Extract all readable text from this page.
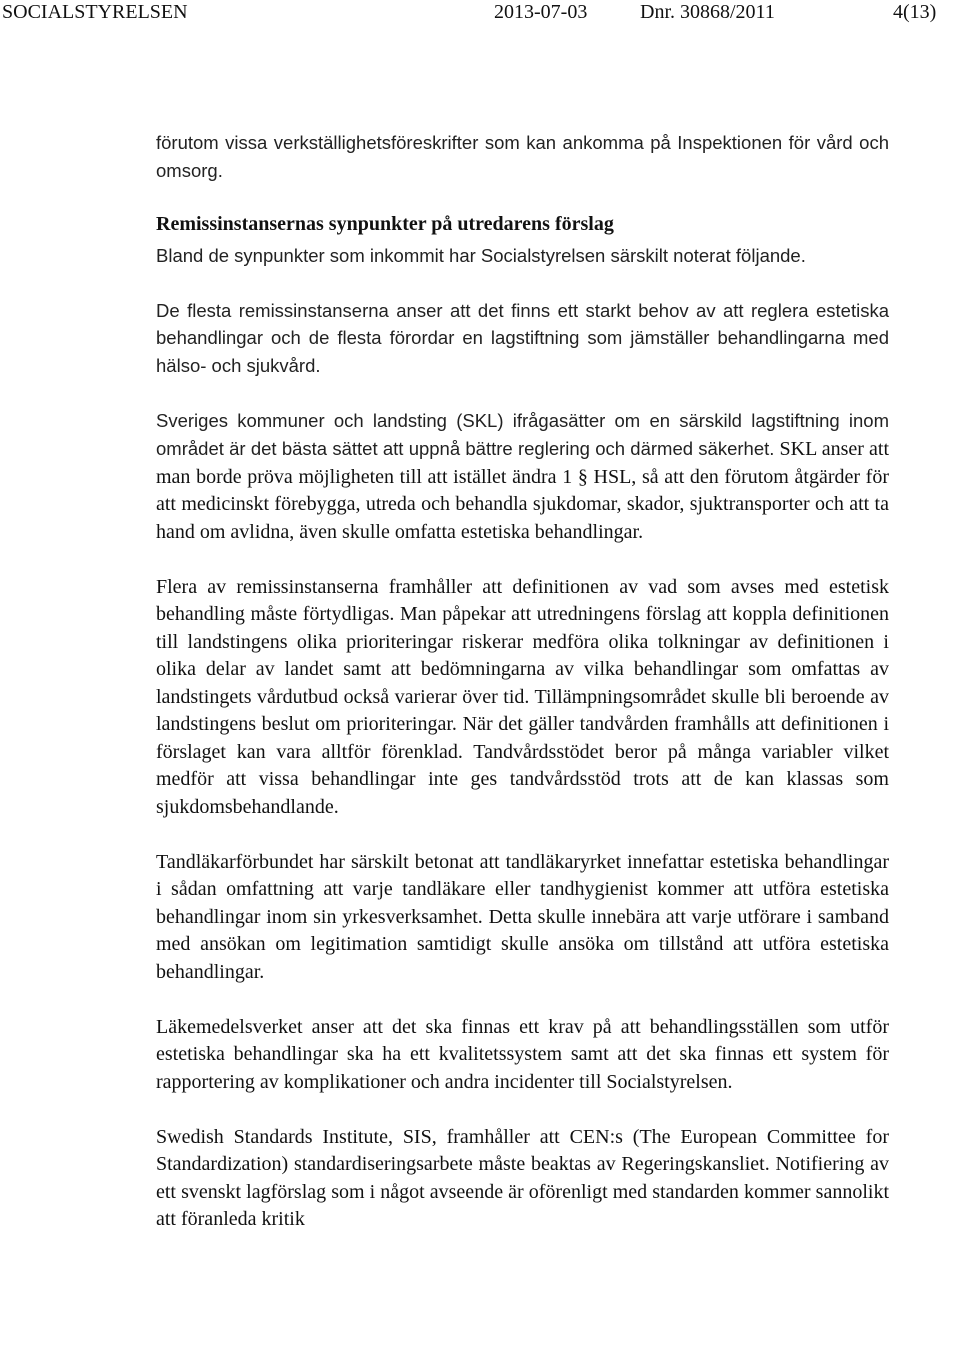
SOCIALSTYRELSEN	2013-07-03	Dnr. 30868/2011	4(13)

förutom vissa verkställighetsföreskrifter som kan ankomma på Inspektionen för vård och omsorg.

Remissinstansernas synpunkter på utredarens förslag

Bland de synpunkter som inkommit har Socialstyrelsen särskilt noterat följande.

De flesta remissinstanserna anser att det finns ett starkt behov av att reglera estetiska behandlingar och de flesta förordar en lagstiftning som jämställer behandlingarna med hälso- och sjukvård.

Sveriges kommuner och landsting (SKL) ifrågasätter om en särskild lagstiftning inom området är det bästa sättet att uppnå bättre reglering och därmed säkerhet. SKL anser att man borde pröva möjligheten till att istället ändra 1 § HSL, så att den förutom åtgärder för att medicinskt förebygga, utreda och behandla sjukdomar, skador, sjuktransporter och att ta hand om avlidna, även skulle omfatta estetiska behandlingar.

Flera av remissinstanserna framhåller att definitionen av vad som avses med estetisk behandling måste förtydligas. Man påpekar att utredningens förslag att koppla definitionen till landstingens olika prioriteringar riskerar medföra olika tolkningar av definitionen i olika delar av landet samt att bedömningarna av vilka behandlingar som omfattas av landstingets vårdutbud också varierar över tid. Tillämpningsområdet skulle bli beroende av landstingens beslut om prioriteringar. När det gäller tandvården framhålls att definitionen i förslaget kan vara alltför förenklad. Tandvårdsstödet beror på många variabler vilket medför att vissa behandlingar inte ges tandvårdsstöd trots att de kan klassas som sjukdomsbehandlande.

Tandläkarförbundet har särskilt betonat att tandläkaryrket innefattar estetiska behandlingar i sådan omfattning att varje tandläkare eller tandhygienist kommer att utföra estetiska behandlingar inom sin yrkesverksamhet. Detta skulle innebära att varje utförare i samband med ansökan om legitimation samtidigt skulle ansöka om tillstånd att utföra estetiska behandlingar.

Läkemedelsverket anser att det ska finnas ett krav på att behandlingsställen som utför estetiska behandlingar ska ha ett kvalitetssystem samt att det ska finnas ett system för rapportering av komplikationer och andra incidenter till Socialstyrelsen.

Swedish Standards Institute, SIS, framhåller att CEN:s (The European Committee for Standardization) standardiseringsarbete måste beaktas av Regeringskansliet. Notifiering av ett svenskt lagförslag som i något avseende är oförenligt med standarden kommer sannolikt att föranleda kritik
